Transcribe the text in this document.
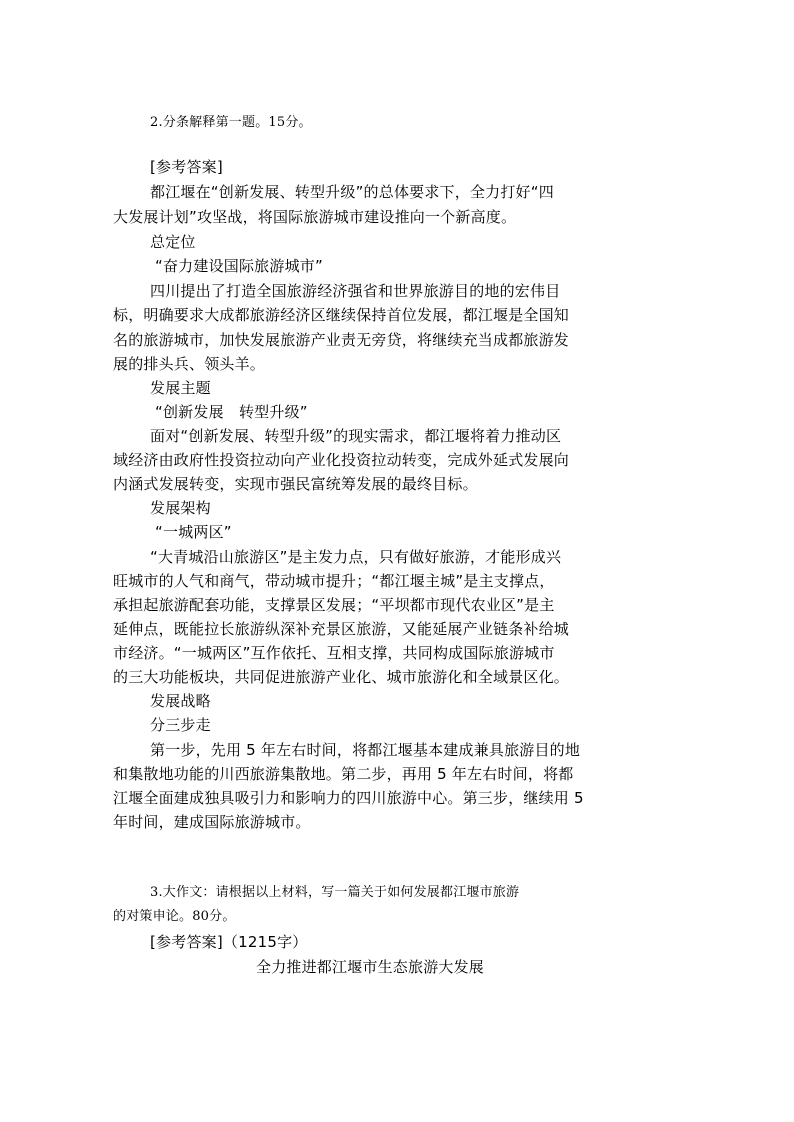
2.分条解释第一题。15分。
[参考答案]
都江堰在“创新发展、转型升级”的总体要求下，全力打好“四
大发展计划”攻坚战，将国际旅游城市建设推向一个新高度。
总定位
“奋力建设国际旅游城市”
四川提出了打造全国旅游经济强省和世界旅游目的地的宏伟目
标，明确要求大成都旅游经济区继续保持首位发展，都江堰是全国知
名的旅游城市，加快发展旅游产业责无旁贷，将继续充当成都旅游发
展的排头兵、领头羊。
发展主题
“创新发展　转型升级”
面对“创新发展、转型升级”的现实需求，都江堰将着力推动区
域经济由政府性投资拉动向产业化投资拉动转变，完成外延式发展向
内涵式发展转变，实现市强民富统筹发展的最终目标。
发展架构
“一城两区”
“大青城沿山旅游区”是主发力点，只有做好旅游，才能形成兴
旺城市的人气和商气，带动城市提升；“都江堰主城”是主支撑点，
承担起旅游配套功能，支撑景区发展；“平坝都市现代农业区”是主
延伸点，既能拉长旅游纵深补充景区旅游，又能延展产业链条补给城
市经济。“一城两区”互作依托、互相支撑，共同构成国际旅游城市
的三大功能板块，共同促进旅游产业化、城市旅游化和全域景区化。
发展战略
分三步走
第一步，先用 5 年左右时间，将都江堰基本建成兼具旅游目的地
和集散地功能的川西旅游集散地。第二步，再用 5 年左右时间，将都
江堰全面建成独具吸引力和影响力的四川旅游中心。第三步，继续用 5
年时间，建成国际旅游城市。
3.大作文：请根据以上材料，写一篇关于如何发展都江堰市旅游
的对策申论。80分。
[参考答案]（1215字）
全力推进都江堰市生态旅游大发展
